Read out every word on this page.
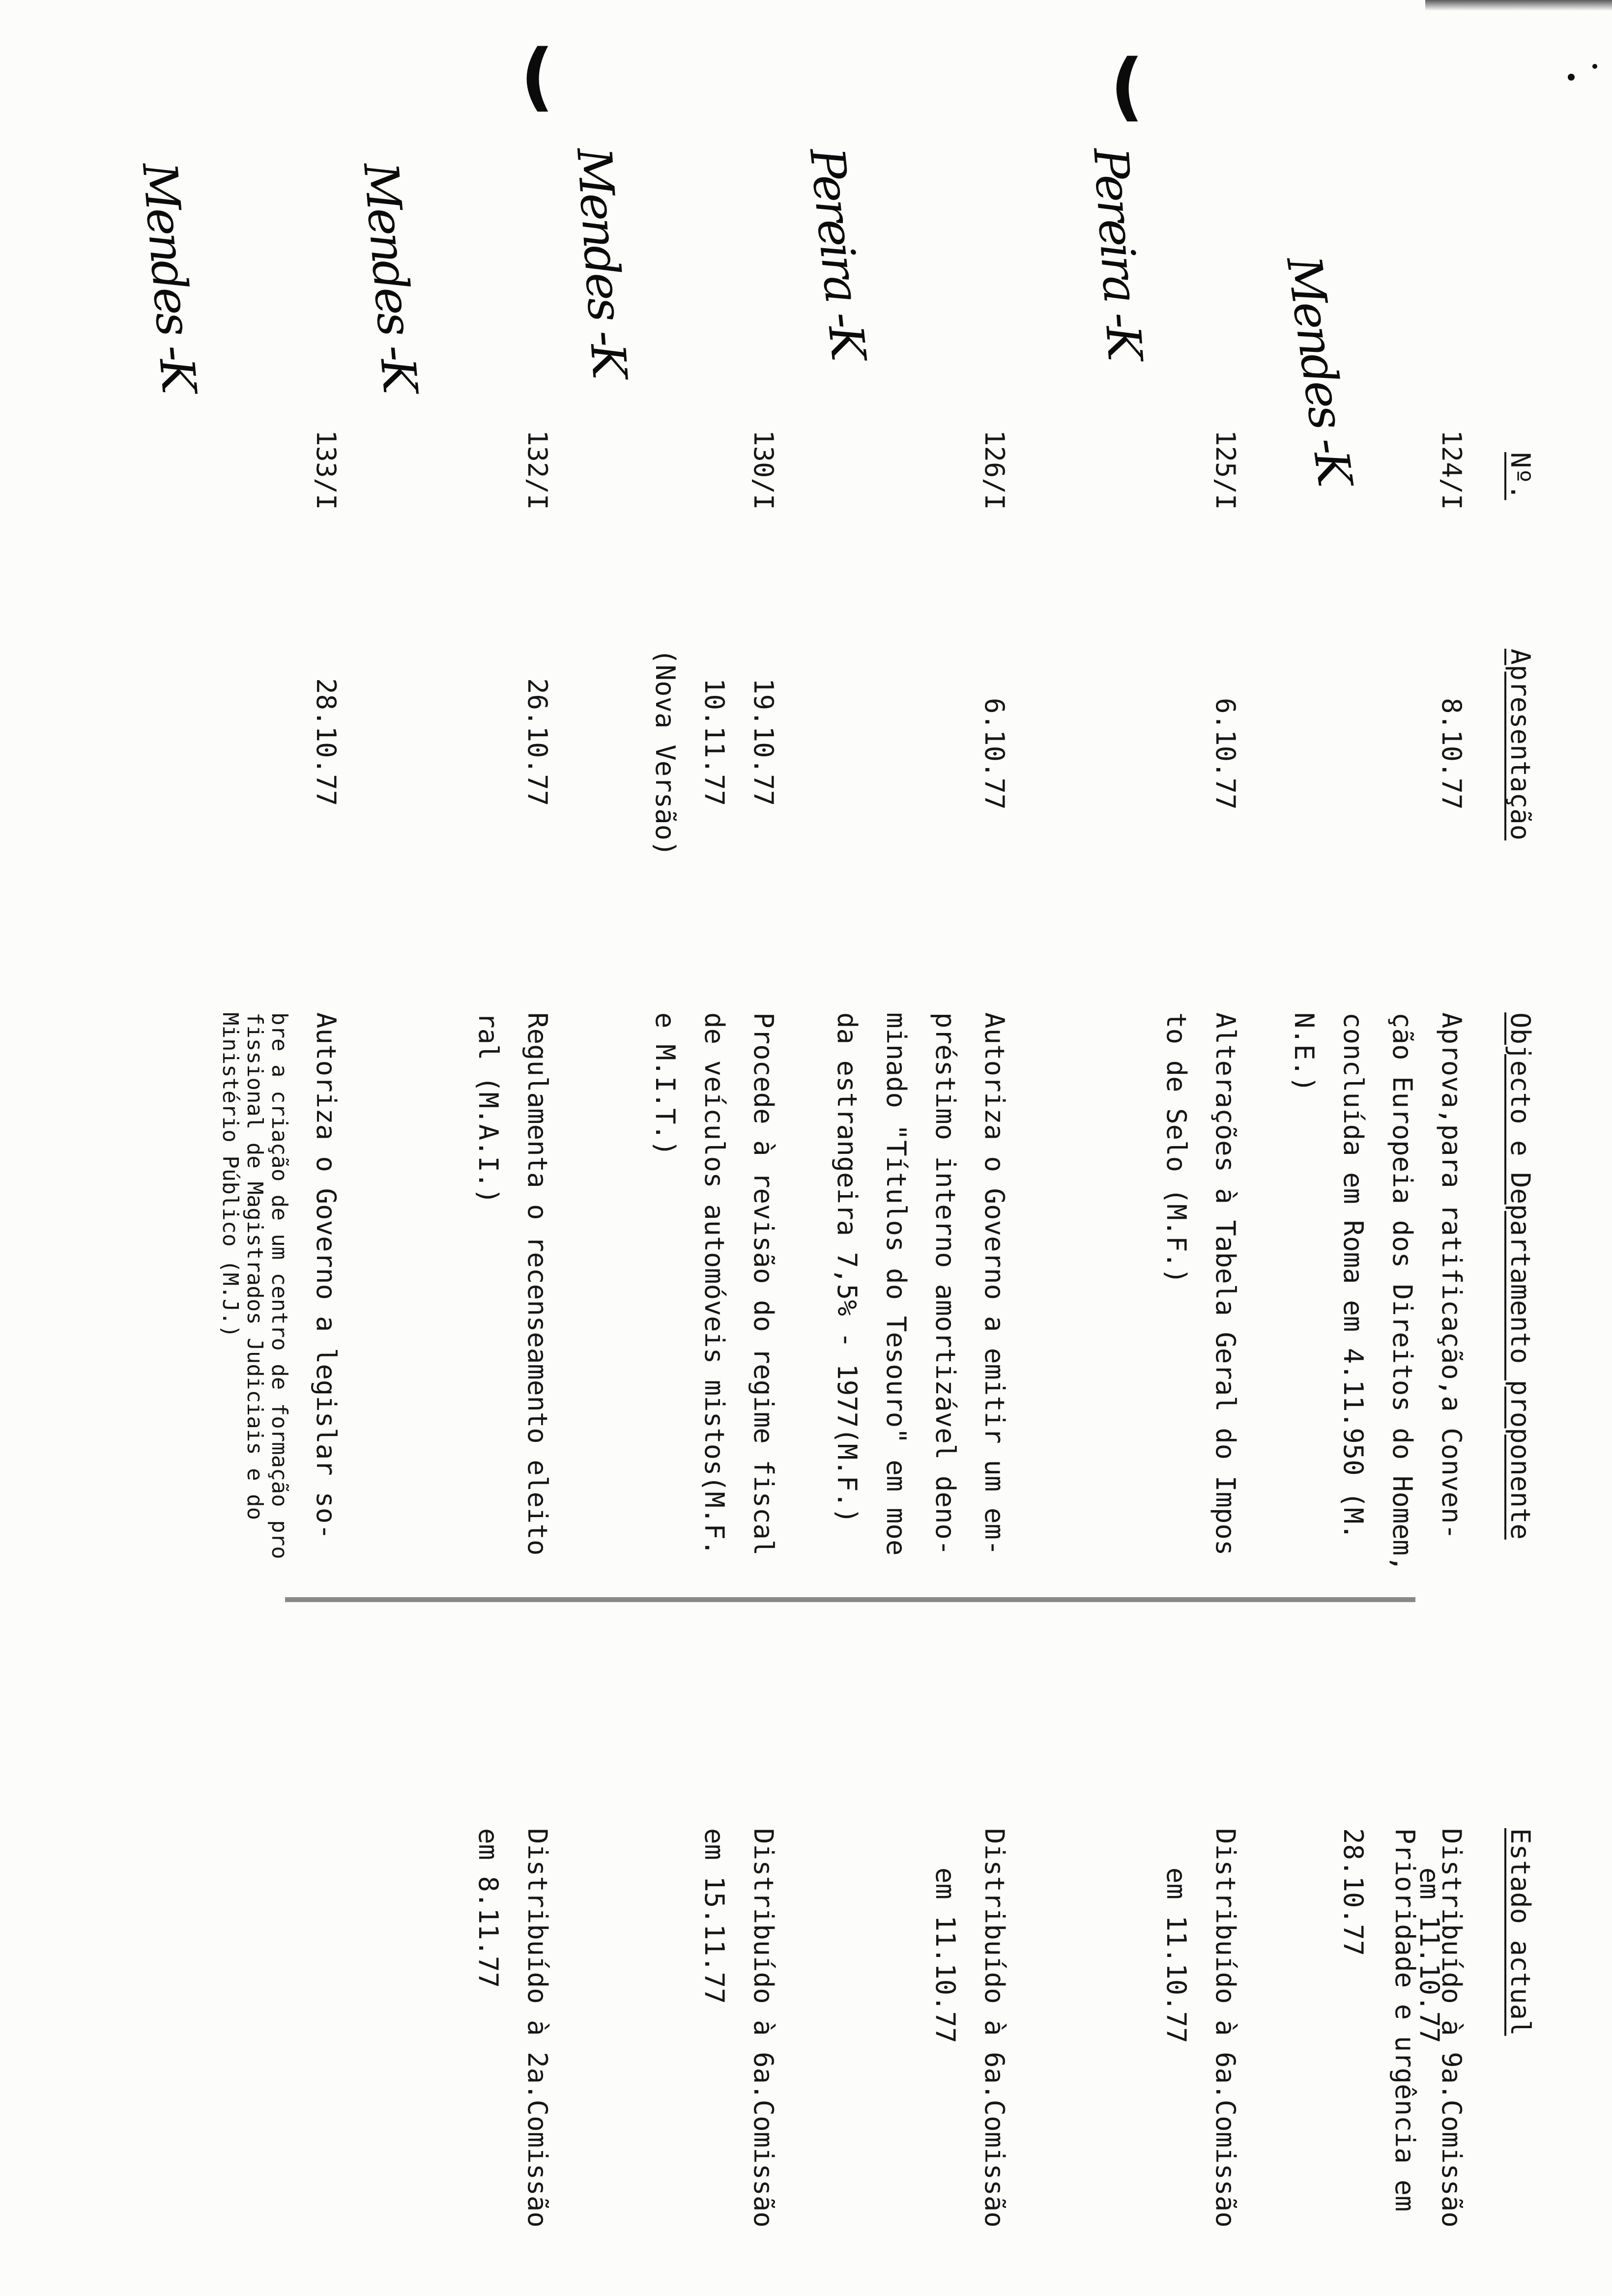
Nº.
Apresentação
Objecto e Departamento proponente
Estado actual
124/I
8.10.77
Aprova,para ratificação,a Conven-
ção Europeia dos Direitos do Homem,
concluída em Roma em 4.11.950 (M.
N.E.)
Distribuído à 9a.Comissão
em 11.10.77
Prioridade e urgência em
28.10.77
125/I
6.10.77
Alterações à Tabela Geral do Impos
to de Selo (M.F.)
Distribuído à 6a.Comissão
em 11.10.77
126/I
6.10.77
Autoriza o Governo a emitir um em-
préstimo interno amortizável deno-
minado "Títulos do Tesouro" em moe
da estrangeira 7,5% - 1977(M.F.)
Distribuído à 6a.Comissão
em 11.10.77
130/I
19.10.77
10.11.77
(Nova Versão)
Procede à revisão do regime fiscal
de veículos automóveis mistos(M.F.
e M.I.T.)
Distribuído à 6a.Comissão
em 15.11.77
132/I
26.10.77
Regulamenta o recenseamento eleito
ral (M.A.I.)
Distribuído à 2a.Comissão
em 8.11.77
133/I
28.10.77
Autoriza o Governo a legislar so-
bre a criação de um centro de formação pro
fissional de Magistrados Judiciais e do
Ministério Público (M.J.)
Mendes -K
Pereira -K
Pereira -K
Mendes -K
Mendes -K
Mendes -K
)
)
